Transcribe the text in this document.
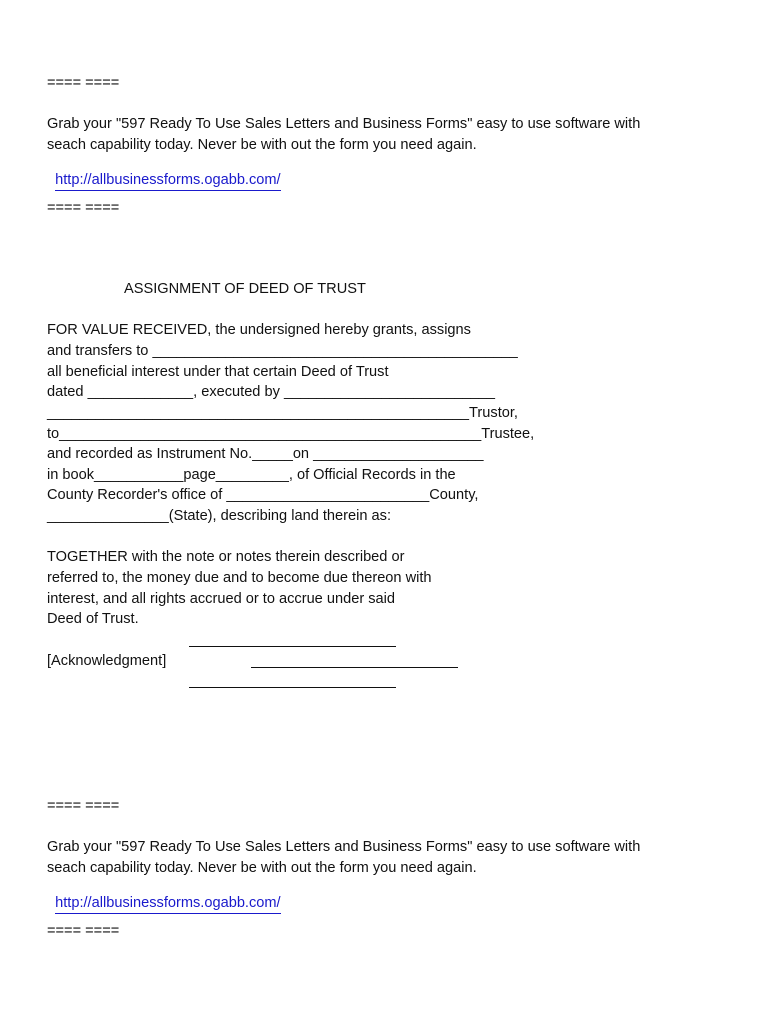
==== ====
Grab your "597 Ready To Use Sales Letters and Business Forms" easy to use software with
seach capability today. Never be with out the form you need again.

http://allbusinessforms.ogabb.com/

==== ====
ASSIGNMENT OF DEED OF TRUST
FOR VALUE RECEIVED, the undersigned hereby grants, assigns
and transfers to _____________________________________________
all beneficial interest under that certain Deed of Trust
dated _____________, executed by __________________________
____________________________________________________Trustor,
to____________________________________________________Trustee,
and recorded as Instrument No._____on _____________________
in book___________page_________, of Official Records in the
County Recorder's office of _________________________County,
_______________(State), describing land therein as:
TOGETHER with the note or notes therein described or
referred to, the money due and to become due thereon with
interest, and all rights accrued or to accrue under said
Deed of Trust.
[Acknowledgment]
==== ====
Grab your "597 Ready To Use Sales Letters and Business Forms" easy to use software with
seach capability today. Never be with out the form you need again.

http://allbusinessforms.ogabb.com/

==== ====
